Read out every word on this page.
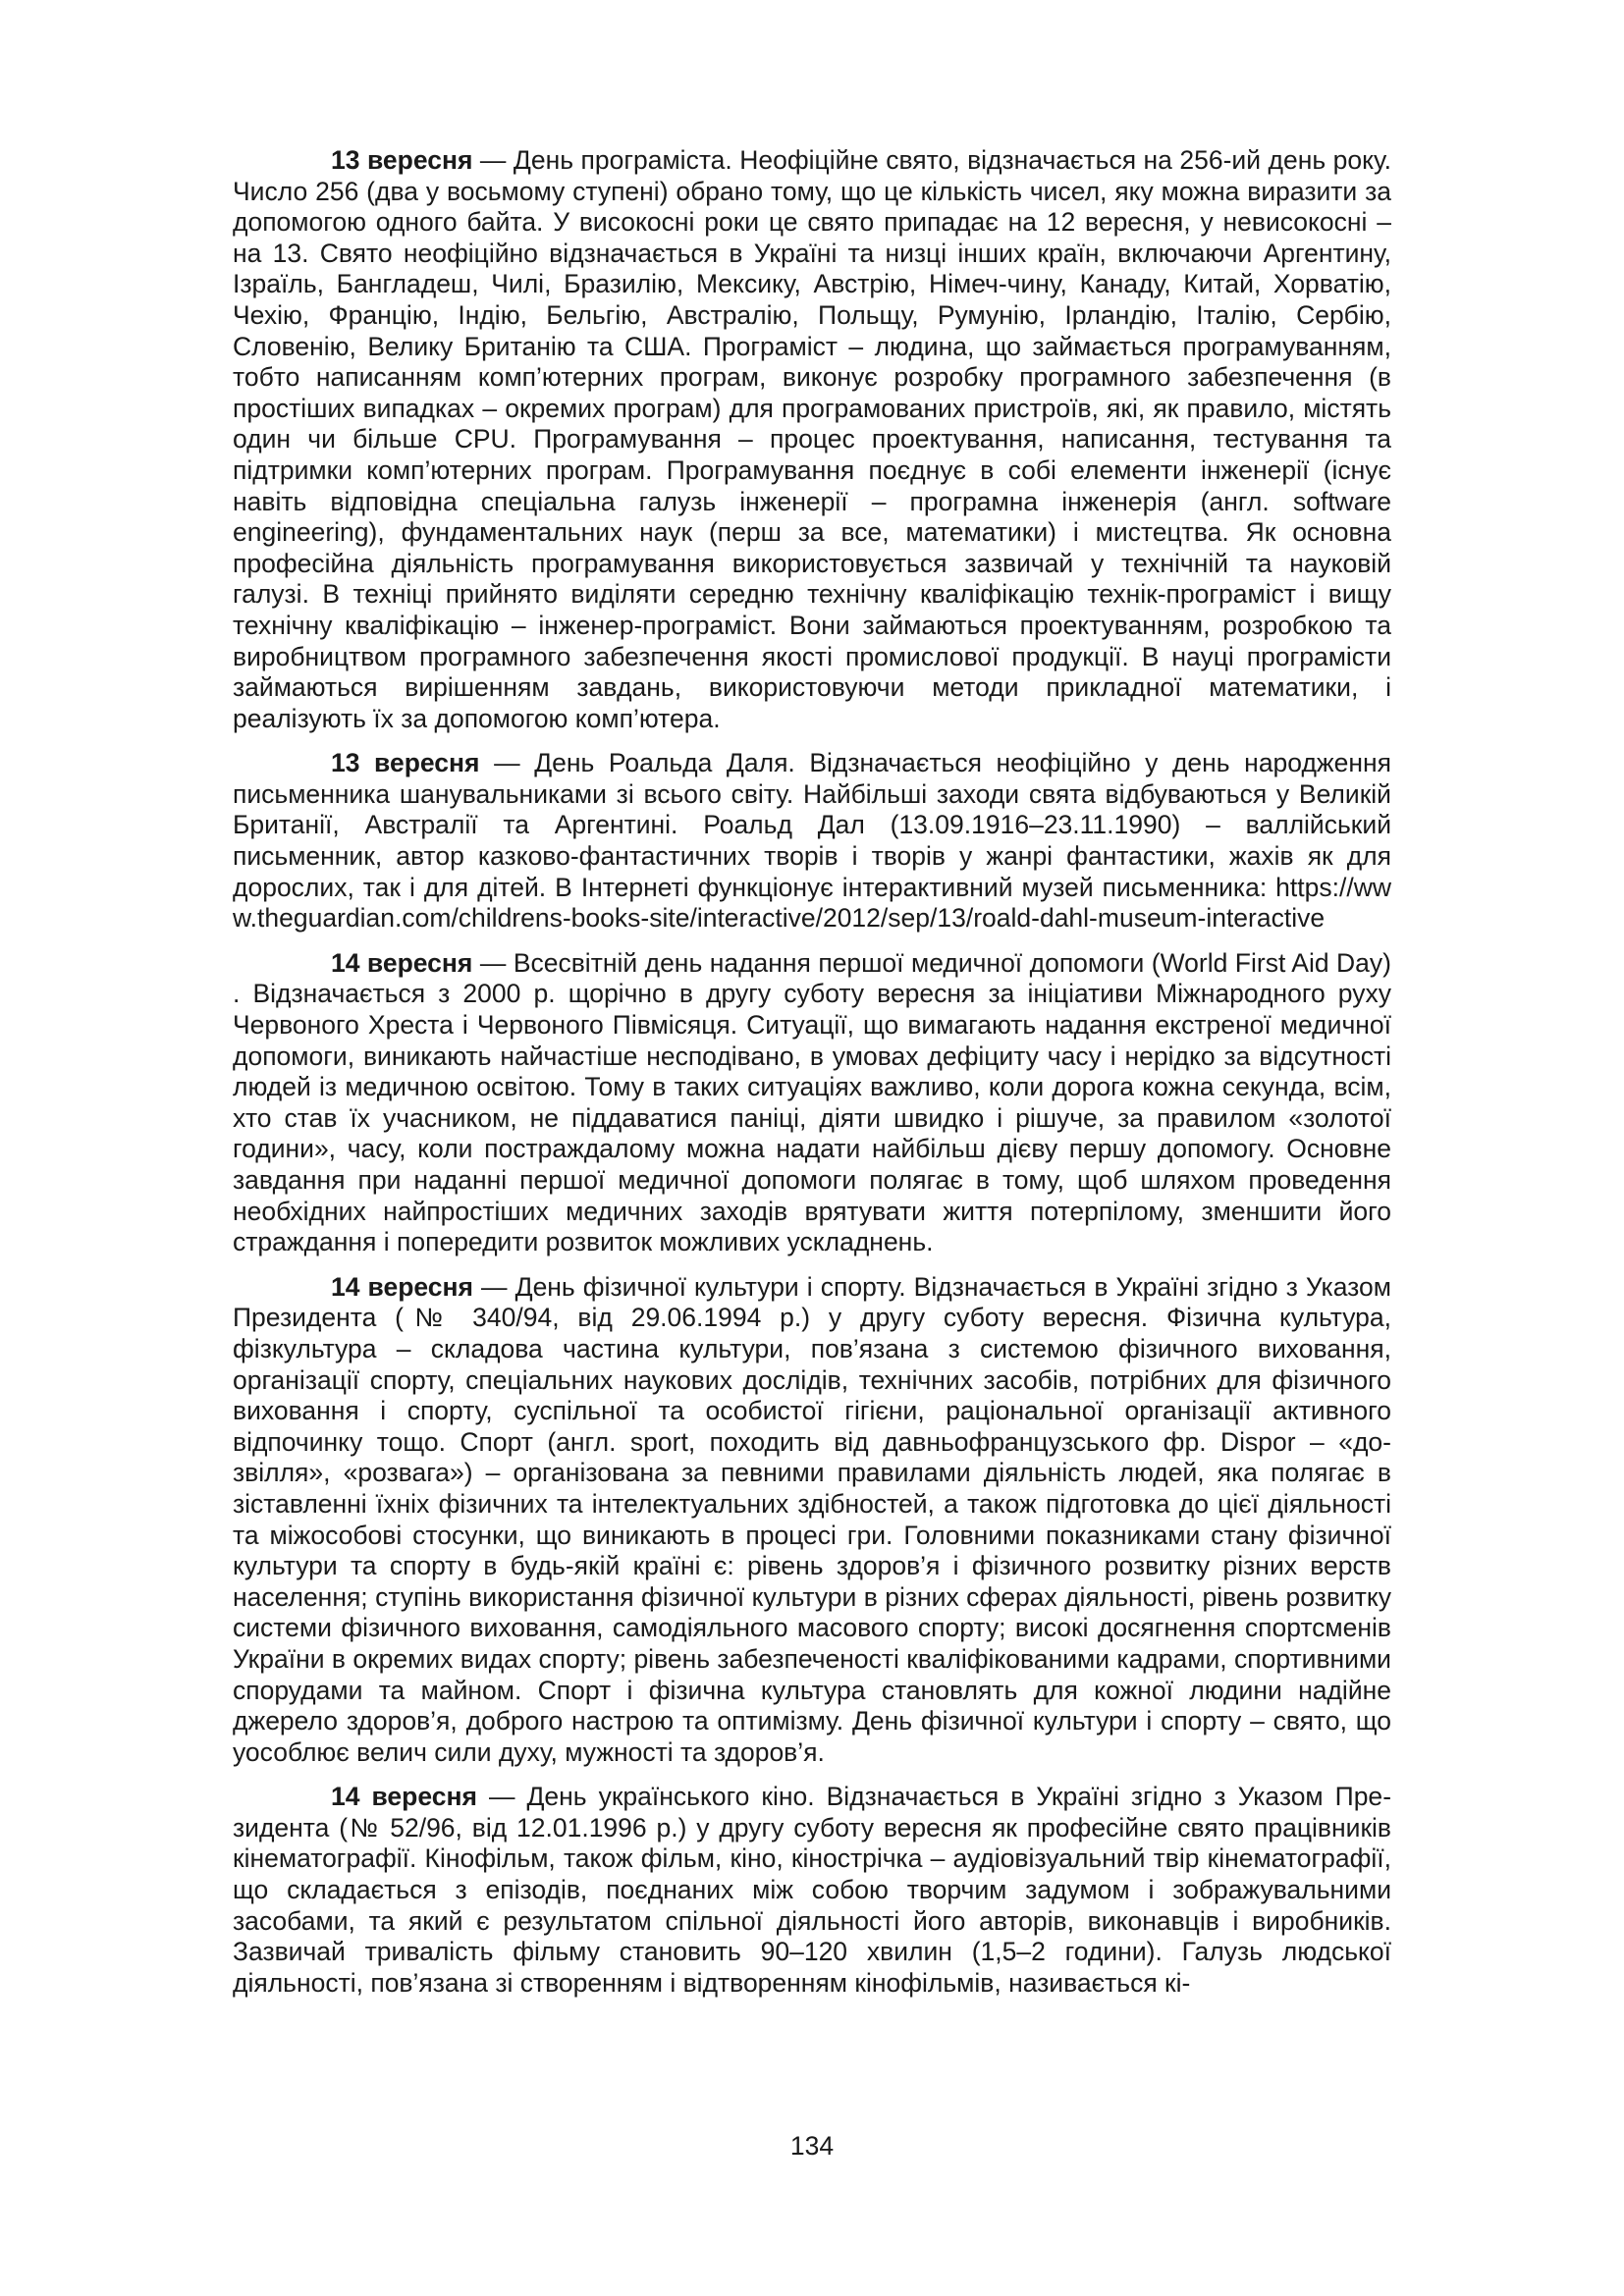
13 вересня — День програміста. Неофіційне свято, відзначається на 256-ий день року. Число 256 (два у восьмому ступені) обрано тому, що це кількість чисел, яку можна виразити за допомогою одного байта. У високосні роки це свято припадає на 12 вересня, у невисокосні – на 13. Свято неофіційно відзначається в Україні та низці інших країн, включаючи Аргентину, Ізраїль, Бангладеш, Чилі, Бразилію, Мексику, Австрію, Німеч-чину, Канаду, Китай, Хорватію, Чехію, Францію, Індію, Бельгію, Австралію, Польщу, Румунію, Ірландію, Італію, Сербію, Словенію, Велику Британію та США. Програміст – людина, що займається програмуванням, тобто написанням комп’ютерних програм, виконує розробку програмного забезпечення (в простіших випадках – окремих програм) для програмованих пристроїв, які, як правило, містять один чи більше CPU. Програмування – процес проектування, написання, тестування та підтримки комп’ютерних програм. Програмування поєднує в собі елементи інженерії (існує навіть відповідна спеціальна галузь інженерії – програмна інженерія (англ. software engineering), фундаментальних наук (перш за все, математики) і мистецтва. Як основна професійна діяльність програмування використовується зазвичай у технічній та науковій галузі. В техніці прийнято виділяти середню технічну кваліфікацію технік-програміст і вищу технічну кваліфікацію – інженер-програміст. Вони займаються проектуванням, розробкою та виробництвом програмного забезпечення якості промислової продукції. В науці програмісти займаються вирішенням завдань, використовуючи методи прикладної математики, і реалізують їх за допомогою комп’ютера.

13 вересня — День Роальда Даля. Відзначається неофіційно у день народження письменника шанувальниками зі всього світу. Найбільші заходи свята відбуваються у Великій Британії, Австралії та Аргентині. Роальд Дал (13.09.1916–23.11.1990) – валлійський письменник, автор казково-фантастичних творів і творів у жанрі фантастики, жахів як для дорослих, так і для дітей. В Інтернеті функціонує інтерактивний музей письменника: https://www.theguardian.com/childrens-books-site/interactive/2012/sep/13/roald-dahl-museum-interactive

14 вересня — Всесвітній день надання першої медичної допомоги (World First Aid Day) . Відзначається з 2000 р. щорічно в другу суботу вересня за ініціативи Міжнародного руху Червоного Хреста і Червоного Півмісяця. Ситуації, що вимагають надання екстреної медичної допомоги, виникають найчастіше несподівано, в умовах дефіциту часу і нерідко за відсутності людей із медичною освітою. Тому в таких ситуаціях важливо, коли дорога кожна секунда, всім, хто став їх учасником, не піддаватися паніці, діяти швидко і рішуче, за правилом «золотої години», часу, коли постраждалому можна надати найбільш дієву першу допомогу. Основне завдання при наданні першої медичної допомоги полягає в тому, щоб шляхом проведення необхідних найпростіших медичних заходів врятувати життя потерпілому, зменшити його страждання і попередити розвиток можливих ускладнень.

14 вересня — День фізичної культури і спорту. Відзначається в Україні згідно з Указом Президента (№ 340/94, від 29.06.1994 р.) у другу суботу вересня. Фізична культура, фізкультура – складова частина культури, пов’язана з системою фізичного виховання, організації спорту, спеціальних наукових дослідів, технічних засобів, потрібних для фізичного виховання і спорту, суспільної та особистої гігієни, раціональної організації активного відпочинку тощо. Спорт (англ. sport, походить від давньофранцузського фр. Dispor – «дозвілля», «розвага») – організована за певними правилами діяльність людей, яка полягає в зіставленні їхніх фізичних та інтелектуальних здібностей, а також підготовка до цієї діяльності та міжособові стосунки, що виникають в процесі гри. Головними показниками стану фізичної культури та спорту в будь-якій країні є: рівень здоров’я і фізичного розвитку різних верств населення; ступінь використання фізичної культури в різних сферах діяльності, рівень розвитку системи фізичного виховання, самодіяльного масового спорту; високі досягнення спортсменів України в окремих видах спорту; рівень забезпеченості кваліфікованими кадрами, спортивними спорудами та майном. Спорт і фізична культура становлять для кожної людини надійне джерело здоров’я, доброго настрою та оптимізму. День фізичної культури і спорту – свято, що уособлює велич сили духу, мужності та здоров’я.

14 вересня — День українського кіно. Відзначається в Україні згідно з Указом Президента (№ 52/96, від 12.01.1996 р.) у другу суботу вересня як професійне свято працівників кінематографії. Кінофільм, також фільм, кіно, кінострічка – аудіовізуальний твір кінематографії, що складається з епізодів, поєднаних між собою творчим задумом і зображувальними засобами, та який є результатом спільної діяльності його авторів, виконавців і виробників. Зазвичай тривалість фільму становить 90–120 хвилин (1,5–2 години). Галузь людської діяльності, пов’язана зі створенням і відтворенням кінофільмів, називається кі-

134
